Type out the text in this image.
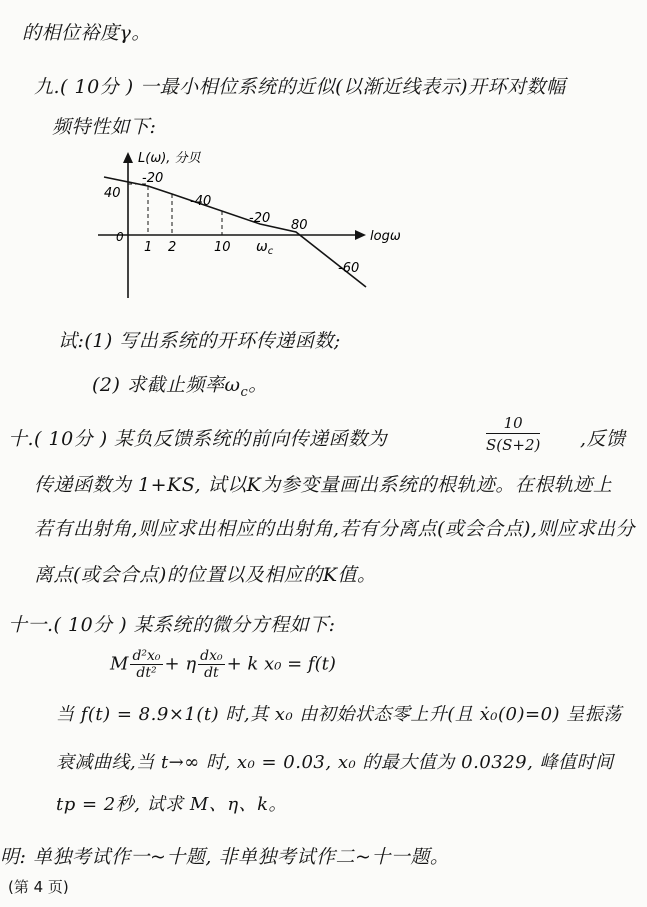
的相位裕度γ。
九.( 10分 ) 一最小相位系统的近似(以渐近线表示)开环对数幅
频特性如下:
L(ω), 分贝
logω
40
0
1 2	10 $\omega_c$
80
-20
-40
-20
-60
试:(1) 写出系统的开环传递函数;
(2) 求截止频率$\omega_c$。
十.( 10分 ) 某负反馈系统的前向传递函数为	$\frac{10}{S(S+2)}$ ,反馈
传递函数为 1+KS, 试以K为参变量画出系统的根轨迹。在根轨迹上
若有出射角,则应求出相应的出射角,若有分离点(或会合点),则应求出分
离点(或会合点)的位置以及相应的K值。
十一.( 10分 ) 某系统的微分方程如下:
M $\frac{\text{d²x₀}}{\text{dt²}} + \eta \frac{\text{dx₀}}{dt} + k$ x₀ = f(t)
当 f(t) = 8.9×1(t) 时,其 x₀ 由初始状态零上升(且 ẋ₀(0)=0) 呈振荡
衰减曲线,当 t→∞ 时, x₀ = 0.03, x₀ 的最大值为 0.0329, 峰值时间
tp = 2秒, 试求 M、η、k。
明: 单独考试作一~十题, 非单独考试作二~十一题。
(第 4 页)
